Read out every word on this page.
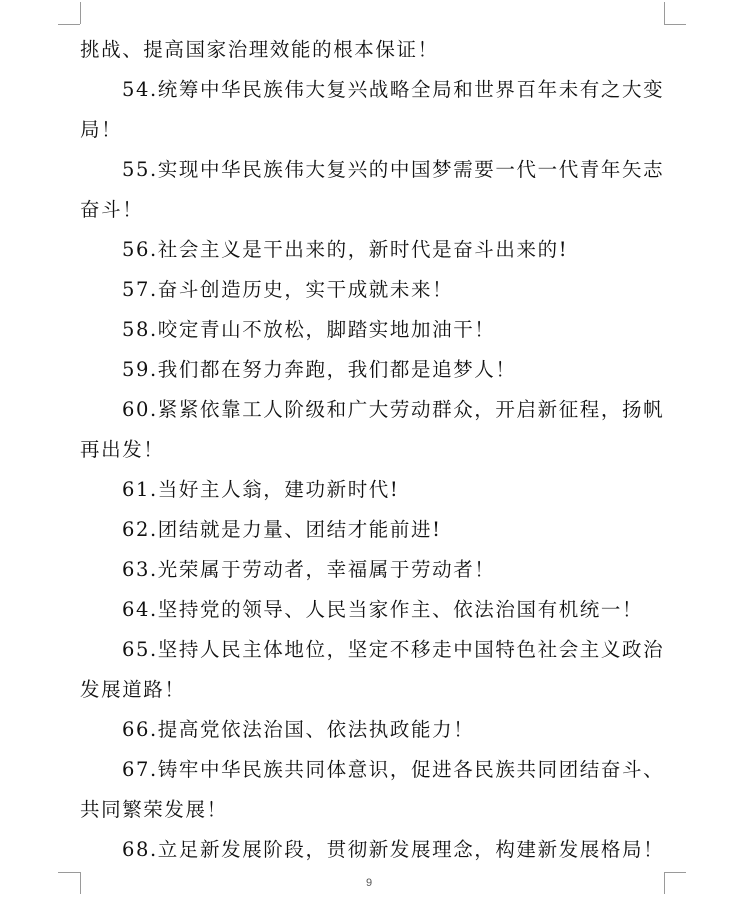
挑战、提高国家治理效能的根本保证！
54.统筹中华民族伟大复兴战略全局和世界百年未有之大变
局！
55.实现中华民族伟大复兴的中国梦需要一代一代青年矢志
奋斗！
56.社会主义是干出来的，新时代是奋斗出来的!
57.奋斗创造历史，实干成就未来！
58.咬定青山不放松，脚踏实地加油干！
59.我们都在努力奔跑，我们都是追梦人！
60.紧紧依靠工人阶级和广大劳动群众，开启新征程，扬帆
再出发！
61.当好主人翁，建功新时代!
62.团结就是力量、团结才能前进!
63.光荣属于劳动者，幸福属于劳动者！
64.坚持党的领导、人民当家作主、依法治国有机统一！
65.坚持人民主体地位，坚定不移走中国特色社会主义政治
发展道路！
66.提高党依法治国、依法执政能力！
67.铸牢中华民族共同体意识，促进各民族共同团结奋斗、
共同繁荣发展！
68.立足新发展阶段，贯彻新发展理念，构建新发展格局！
9
